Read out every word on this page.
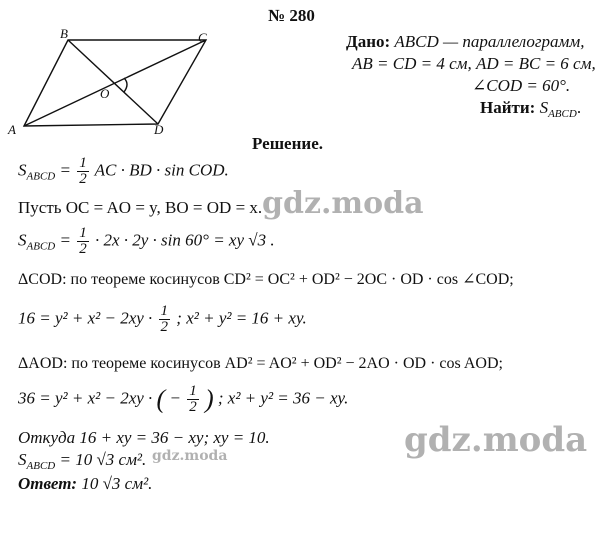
№ 280
A
B	C
D
O
Дано: ABCD — параллелограмм,
AB = CD = 4 см, AD = BC = 6 см,
∠COD = 60°.
Найти: $S_{ABCD}$.
Решение.
$S_{ABCD} = \frac{1}{2}$ AC · BD · sin COD.
Пусть OC = AO = y, BO = OD = x.
$S_{ABCD} = \frac{1}{2} \cdot 2x \cdot 2y \cdot \sin 60^\circ$ = xy √3 .
ΔCOD: по теореме косинусов CD² = OC² + OD² − 2OC · OD · cos ∠COD;
$16 = y^2 + x^2 - 2xy \cdot \frac{1}{2}$ ; x² + y² = 16 + xy.
ΔAOD: по теореме косинусов AD² = AO² + OD² − 2AO · OD · cos AOD;
36 = y² + x² − 2xy · ( − $\frac{1}{2}$ ) ; x² + y² = 36 − xy.
Откуда 16 + xy = 36 − xy; xy = 10.
$S_{ABCD} = 10$ √3 см².
Ответ: 10 √3 см².
gdz.moda
gdz.moda
gdz.moda
